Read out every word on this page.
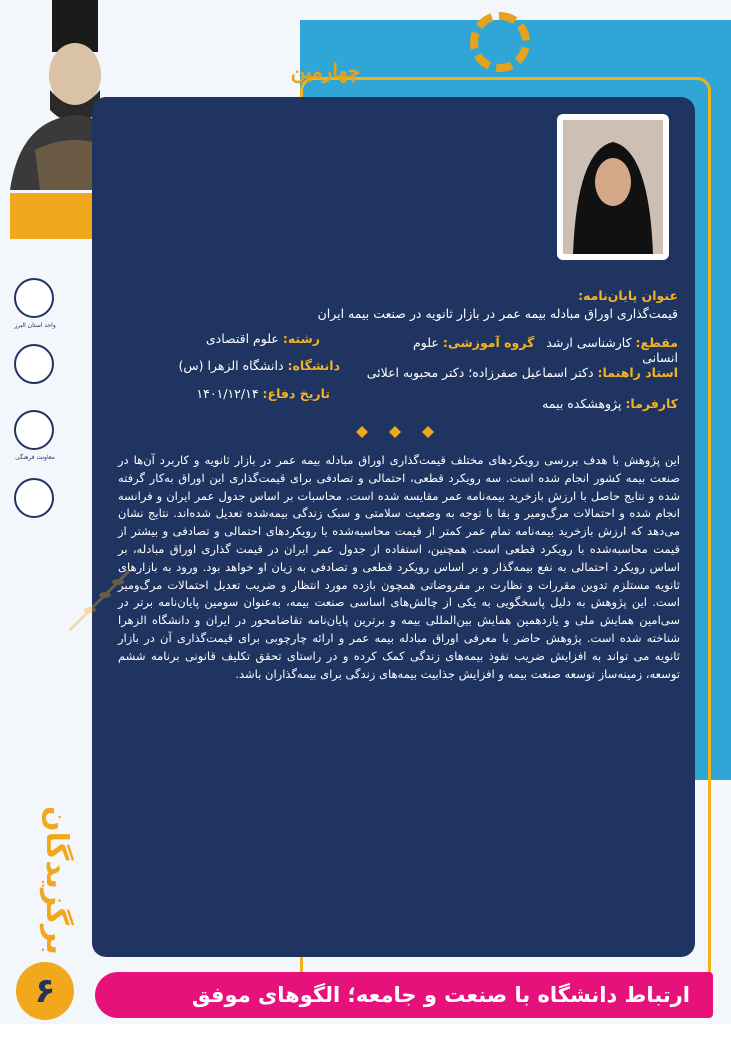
چهارمین
عنوان پایان‌نامه:
قیمت‌گذاری اوراق مبادله بیمه عمر در بازار ثانویه در صنعت بیمه ایران
مقطع: کارشناسی ارشد   گروه آموزشی: علوم انسانی
رشته: علوم اقتصادی
استاد راهنما: دکتر اسماعیل صفرزاده؛ دکتر محبوبه اعلائی
دانشگاه: دانشگاه الزهرا (س)
کارفرما: پژوهشکده بیمه
تاریخ دفاع: ۱۴۰۱/۱۲/۱۴
این پژوهش با هدف بررسی رویکردهای مختلف قیمت‌گذاری اوراق مبادله بیمه عمر در بازار ثانویه و کاربرد آن‌ها در صنعت بیمه کشور انجام شده است. سه رویکرد قطعی، احتمالی و تصادفی برای قیمت‌گذاری این اوراق به‌کار گرفته شده و نتایج حاصل با ارزش بازخرید بیمه‌نامه عمر مقایسه شده است. محاسبات بر اساس جدول عمر ایران و فرانسه انجام شده و احتمالات مرگ‌ومیر و بقا با توجه به وضعیت سلامتی و سبک زندگی بیمه‌شده تعدیل شده‌اند. نتایج نشان می‌دهد که ارزش بازخرید بیمه‌نامه تمام عمر کمتر از قیمت محاسبه‌شده با رویکردهای احتمالی و تصادفی و بیشتر از قیمت محاسبه‌شده با رویکرد قطعی است. همچنین، استفاده از جدول عمر ایران در قیمت گذاری اوراق مبادله، بر اساس رویکرد احتمالی به نفع بیمه‌گذار و بر اساس رویکرد قطعی و تصادفی به زیان او خواهد بود. ورود به بازارهای ثانویه مستلزم تدوین مقررات و نظارت بر مفروضاتی همچون بازده مورد انتظار و ضریب تعدیل احتمالات مرگ‌ومیر است. این پژوهش به دلیل پاسخگویی به یکی از چالش‌های اساسی صنعت بیمه، به‌عنوان سومین پایان‌نامه برتر در سی‌امین همایش ملی و یازدهمین همایش بین‌المللی بیمه و برترین پایان‌نامه تقاضامحور در ایران و دانشگاه الزهرا شناخته شده است. پژوهش حاضر با معرفی اوراق مبادله بیمه عمر و ارائه چارچوبی برای قیمت‌گذاری آن در بازار ثانویه می تواند به افزایش ضریب نفوذ بیمه‌های زندگی کمک کرده و در راستای تحقق تکلیف قانونی برنامه ششم توسعه، زمینه‌ساز توسعه صنعت بیمه و افزایش جذابیت بیمه‌های زندگی برای بیمه‌گذاران باشد.
واحد استان البرز
معاونت فرهنگی
برگزیدگان
ارتباط دانشگاه با صنعت و جامعه؛ الگوهای موفق دانشجویی
۶
